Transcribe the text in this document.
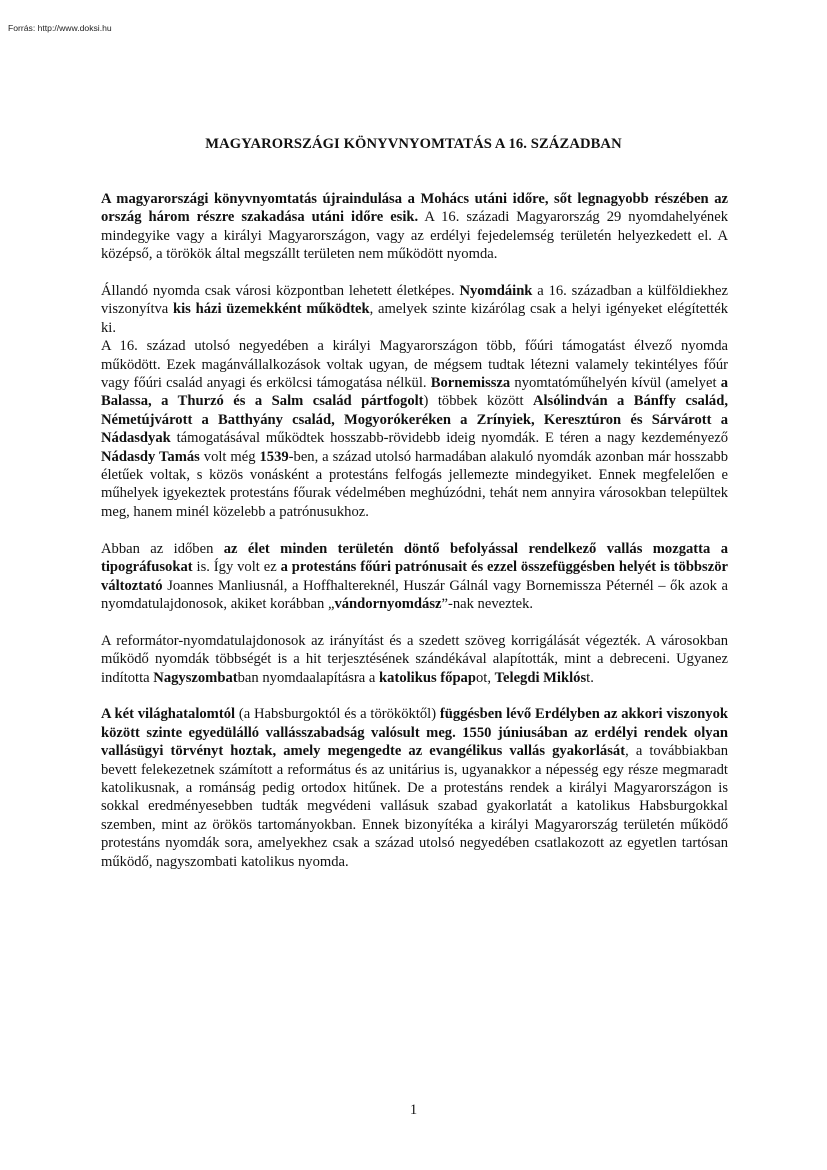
Forrás: http://www.doksi.hu
MAGYARORSZÁGI KÖNYVNYOMTATÁS A 16. SZÁZADBAN

A magyarországi könyvnyomtatás újraindulása a Mohács utáni időre, sőt legnagyobb részében az ország három részre szakadása utáni időre esik. A 16. századi Magyarország 29 nyomdahelyének mindegyike vagy a királyi Magyarországon, vagy az erdélyi fejedelemség területén helyezkedett el. A középső, a törökök által megszállt területen nem működött nyomda.

Állandó nyomda csak városi központban lehetett életképes. Nyomdáink a 16. században a külföldiekhez viszonyítva kis házi üzemekként működtek, amelyek szinte kizárólag csak a helyi igényeket elégítették ki.

A 16. század utolsó negyedében a királyi Magyarországon több, főúri támogatást élvező nyomda működött. Ezek magánvállalkozások voltak ugyan, de mégsem tudtak létezni valamely tekintélyes főúr vagy főúri család anyagi és erkölcsi támogatása nélkül. Bornemissza nyomtatóműhelyén kívül (amelyet a Balassa, a Thurzó és a Salm család pártfogolt) többek között Alsólindván a Bánffy család, Németújvárott a Batthyány család, Mogyorókeréken a Zrínyiek, Keresztúron és Sárvárott a Nádasdyak támogatásával működtek hosszabb-rövidebb ideig nyomdák. E téren a nagy kezdeményező Nádasdy Tamás volt még 1539-ben, a század utolsó harmadában alakuló nyomdák azonban már hosszabb életűek voltak, s közös vonásként a protestáns felfogás jellemezte mindegyiket. Ennek megfelelően e műhelyek igyekeztek protestáns főurak védelmében meghúzódni, tehát nem annyira városokban települtek meg, hanem minél közelebb a patrónusukhoz.

Abban az időben az élet minden területén döntő befolyással rendelkező vallás mozgatta a tipográfusokat is. Így volt ez a protestáns főúri patrónusait és ezzel összefüggésben helyét is többször változtató Joannes Manliusnál, a Hoffhaltereknél, Huszár Gálnál vagy Bornemissza Péternél – ők azok a nyomdatulajdonosok, akiket korábban „vándornyomdász”-nak neveztek.

A reformátor-nyomdatulajdonosok az irányítást és a szedett szöveg korrigálását végezték. A városokban működő nyomdák többségét is a hit terjesztésének szándékával alapították, mint a debreceni. Ugyanez indította Nagyszombatban nyomdaalapításra a katolikus főpapot, Telegdi Miklóst.

A két világhatalomtól (a Habsburgoktól és a törököktől) függésben lévő Erdélyben az akkori viszonyok között szinte egyedülálló vallásszabadság valósult meg. 1550 júniusában az erdélyi rendek olyan vallásügyi törvényt hoztak, amely megengedte az evangélikus vallás gyakorlását, a továbbiakban bevett felekezetnek számított a református és az unitárius is, ugyanakkor a népesség egy része megmaradt katolikusnak, a románság pedig ortodox hitűnek. De a protestáns rendek a királyi Magyarországon is sokkal eredményesebben tudták megvédeni vallásuk szabad gyakorlatát a katolikus Habsburgokkal szemben, mint az örökös tartományokban. Ennek bizonyítéka a királyi Magyarország területén működő protestáns nyomdák sora, amelyekhez csak a század utolsó negyedében csatlakozott az egyetlen tartósan működő, nagyszombati katolikus nyomda.

1
